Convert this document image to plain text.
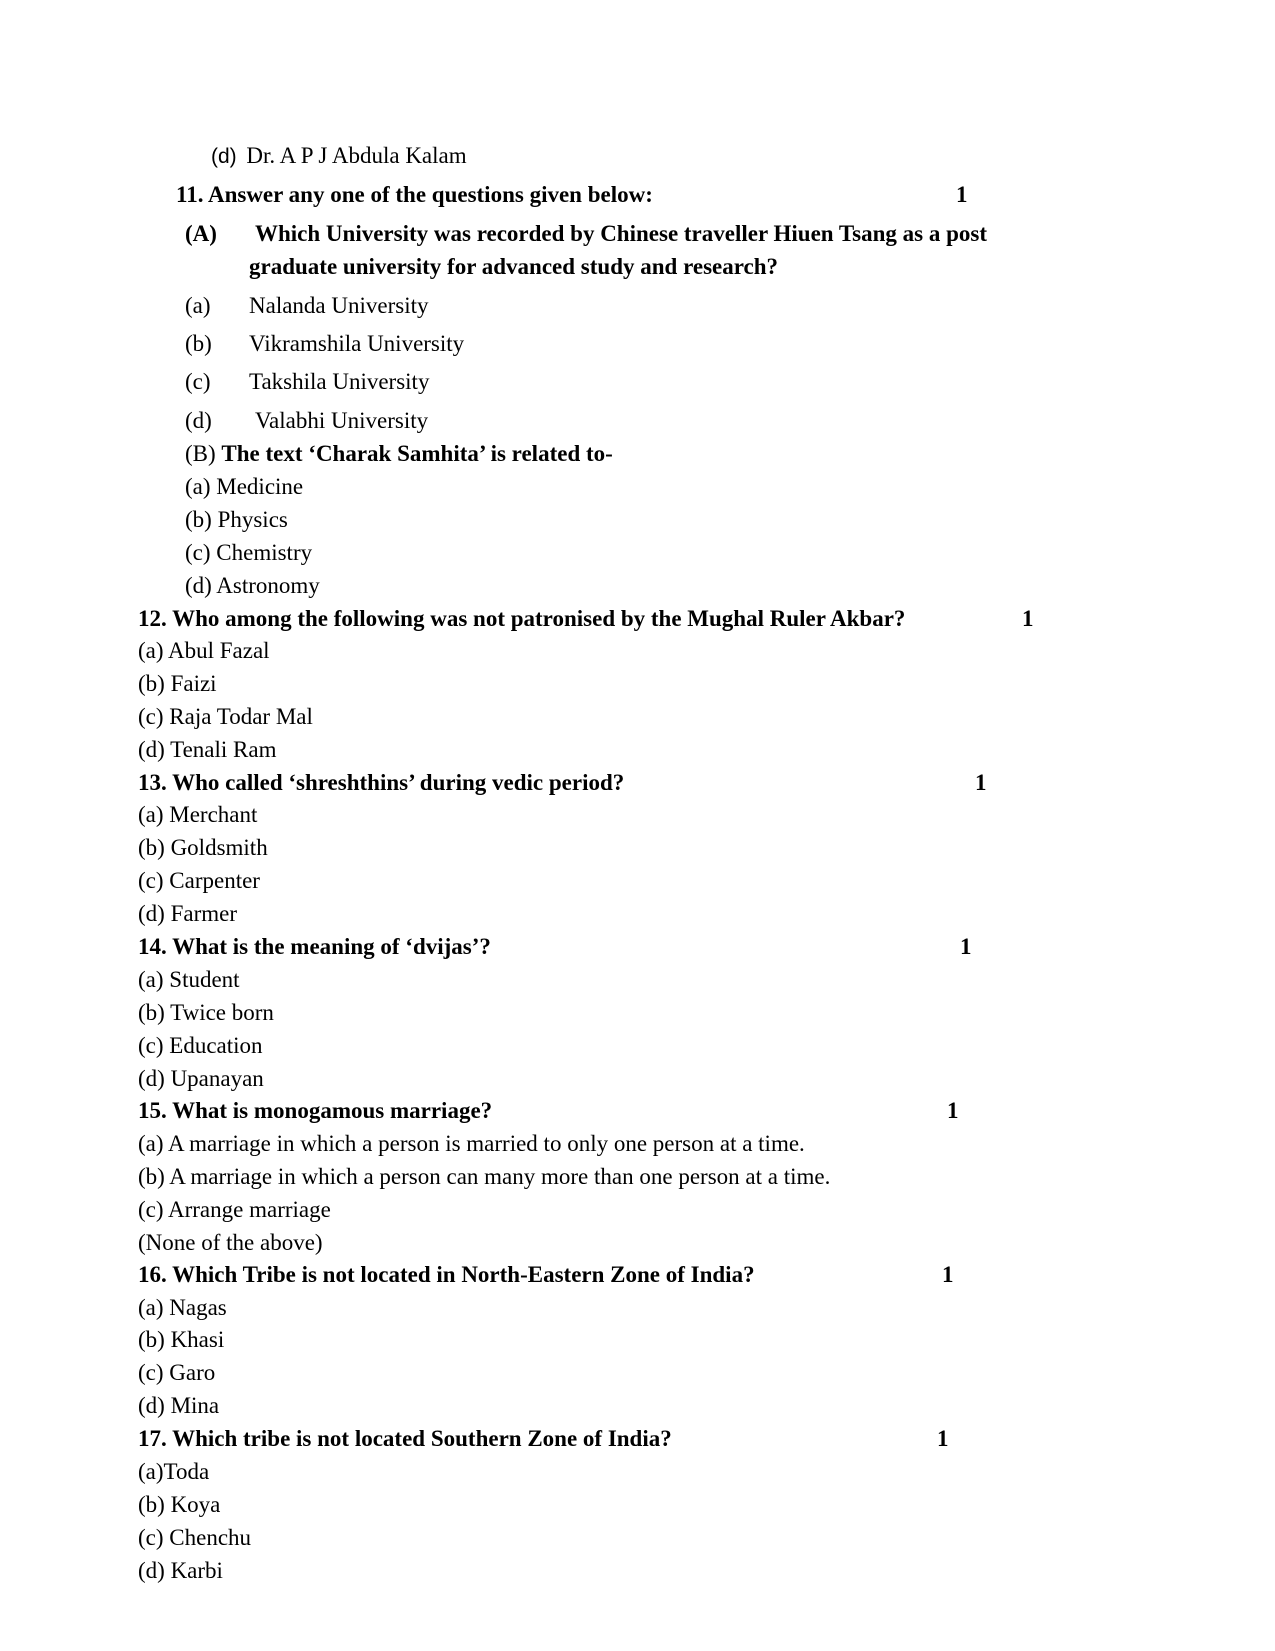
(d) Dr. A P J Abdula Kalam
11. Answer any one of the questions given below:	1
(A) Which University was recorded by Chinese traveller Hiuen Tsang as a post
graduate university for advanced study and research?
(a) Nalanda University
(b) Vikramshila University
(c) Takshila University
(d) Valabhi University
(B) The text ‘Charak Samhita’ is related to-
(a) Medicine
(b) Physics
(c) Chemistry
(d) Astronomy
12. Who among the following was not patronised by the Mughal Ruler Akbar?	1
(a) Abul Fazal
(b) Faizi
(c) Raja Todar Mal
(d) Tenali Ram
13. Who called ‘shreshthins’ during vedic period?	1
(a) Merchant
(b) Goldsmith
(c) Carpenter
(d) Farmer
14. What is the meaning of ‘dvijas’?	1
(a) Student
(b) Twice born
(c) Education
(d) Upanayan
15. What is monogamous marriage?	1
(a) A marriage in which a person is married to only one person at a time.
(b) A marriage in which a person can many more than one person at a time.
(c) Arrange marriage
(None of the above)
16. Which Tribe is not located in North-Eastern Zone of India?	1
(a) Nagas
(b) Khasi
(c) Garo
(d) Mina
17. Which tribe is not located Southern Zone of India?	1
(a)Toda
(b) Koya
(c) Chenchu
(d) Karbi
